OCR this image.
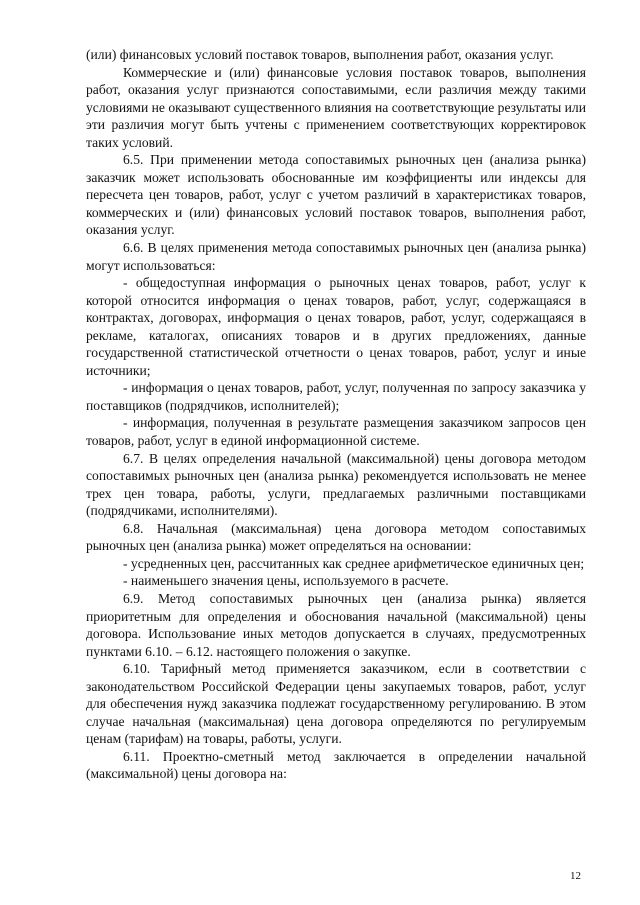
(или) финансовых условий поставок товаров, выполнения работ, оказания услуг.

Коммерческие и (или) финансовые условия поставок товаров, выполнения работ, оказания услуг признаются сопоставимыми, если различия между такими условиями не оказывают существенного влияния на соответствующие результаты или эти различия могут быть учтены с применением соответствующих корректировок таких условий.

6.5. При применении метода сопоставимых рыночных цен (анализа рынка) заказчик может использовать обоснованные им коэффициенты или индексы для пересчета цен товаров, работ, услуг с учетом различий в характеристиках товаров, коммерческих и (или) финансовых условий поставок товаров, выполнения работ, оказания услуг.

6.6. В целях применения метода сопоставимых рыночных цен (анализа рынка) могут использоваться:

- общедоступная информация о рыночных ценах товаров, работ, услуг к которой относится информация о ценах товаров, работ, услуг, содержащаяся в контрактах, договорах, информация о ценах товаров, работ, услуг, содержащаяся в рекламе, каталогах, описаниях товаров и в других предложениях, данные государственной статистической отчетности о ценах товаров, работ, услуг и иные источники;

- информация о ценах товаров, работ, услуг, полученная по запросу заказчика у поставщиков (подрядчиков, исполнителей);

- информация, полученная в результате размещения заказчиком запросов цен товаров, работ, услуг в единой информационной системе.

6.7. В целях определения начальной (максимальной) цены договора методом сопоставимых рыночных цен (анализа рынка) рекомендуется использовать не менее трех цен товара, работы, услуги, предлагаемых различными поставщиками (подрядчиками, исполнителями).

6.8. Начальная (максимальная) цена договора методом сопоставимых рыночных цен (анализа рынка) может определяться на основании:

- усредненных цен, рассчитанных как среднее арифметическое единичных цен;

- наименьшего значения цены, используемого в расчете.

6.9. Метод сопоставимых рыночных цен (анализа рынка) является приоритетным для определения и обоснования начальной (максимальной) цены договора. Использование иных методов допускается в случаях, предусмотренных пунктами 6.10. – 6.12. настоящего положения о закупке.

6.10. Тарифный метод применяется заказчиком, если в соответствии с законодательством Российской Федерации цены закупаемых товаров, работ, услуг для обеспечения нужд заказчика подлежат государственному регулированию. В этом случае начальная (максимальная) цена договора определяются по регулируемым ценам (тарифам) на товары, работы, услуги.

6.11. Проектно-сметный метод заключается в определении начальной (максимальной) цены договора на:

12
